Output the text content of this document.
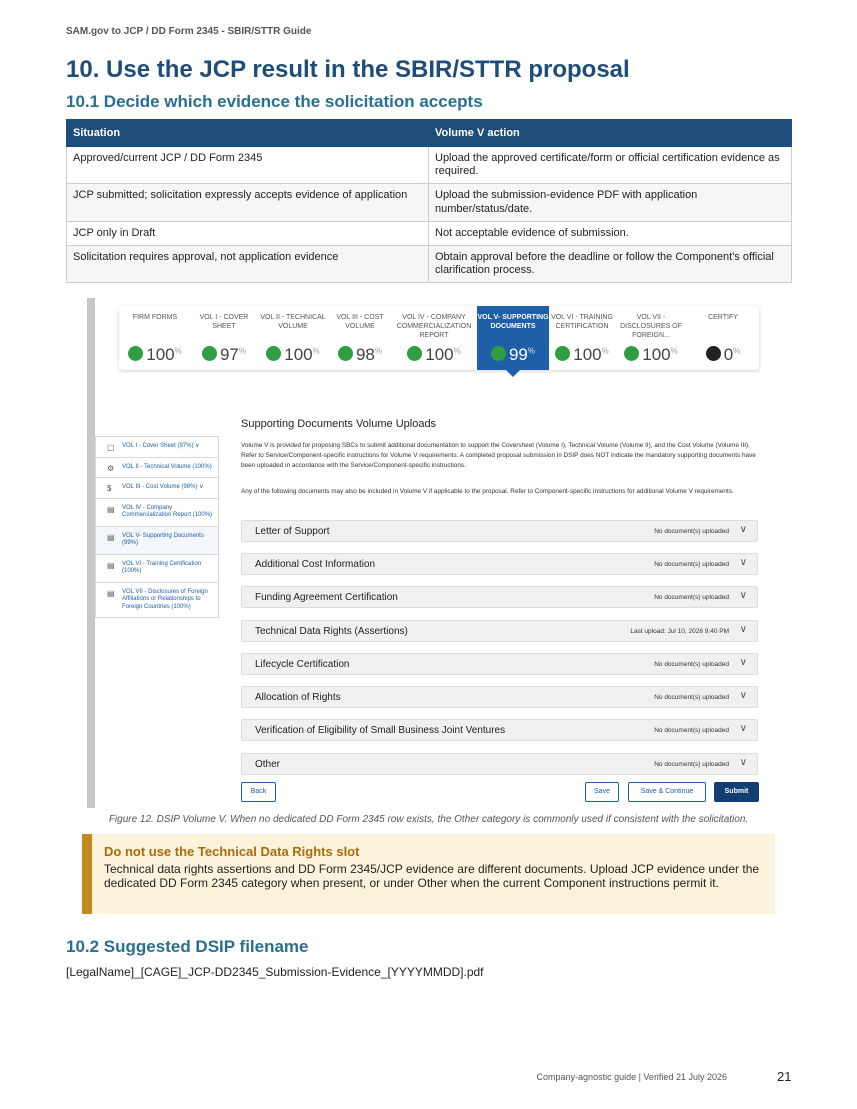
SAM.gov to JCP / DD Form 2345 - SBIR/STTR Guide
10. Use the JCP result in the SBIR/STTR proposal
10.1 Decide which evidence the solicitation accepts
Situation	Volume V action
Approved/current JCP / DD Form 2345	Upload the approved certificate/form or official certification evidence as required.
JCP submitted; solicitation expressly accepts evidence of application	Upload the submission-evidence PDF with application number/status/date.
JCP only in Draft	Not acceptable evidence of submission.
Solicitation requires approval, not application evidence	Obtain approval before the deadline or follow the Component's official clarification process.
FIRM FORMS
100%
VOL I - COVER SHEET
97%
VOL II - TECHNICAL VOLUME
100%
VOL III - COST VOLUME
98%
VOL IV - COMPANY COMMERCIALIZATION REPORT
100%
VOL V- SUPPORTING DOCUMENTS
99%
VOL VI - TRAINING CERTIFICATION
100%
VOL VII - DISCLOSURES OF FOREIGN...
100%
CERTIFY
0%
▢ VOL I - Cover Sheet (97%) ∨
⚙ VOL II - Technical Volume (100%)
$ VOL III - Cost Volume (98%) ∨
▤ VOL IV - Company Commercialization Report (100%)
▤ VOL V- Supporting Documents (99%)
▤ VOL VI - Training Certification (100%)
▤ VOL VII - Disclosures of Foreign Affiliations or Relationships to Foreign Countries (100%)
Supporting Documents Volume Uploads
Volume V is provided for proposing SBCs to submit additional documentation to support the Coversheet (Volume I), Technical Volume (Volume II), and the Cost Volume (Volume III). Refer to Service/Component-specific instructions for Volume V requirements. A completed proposal submission in DSIP does NOT indicate the mandatory supporting documents have been uploaded in accordance with the Service/Component-specific instructions.
Any of the following documents may also be included in Volume V if applicable to the proposal. Refer to Component-specific instructions for additional Volume V requirements.
Letter of Support	No document(s) uploaded ∨
Additional Cost Information	No document(s) uploaded ∨
Funding Agreement Certification	No document(s) uploaded ∨
Technical Data Rights (Assertions)	Last upload: Jul 10, 2026 9:40 PM ∨
Lifecycle Certification	No document(s) uploaded ∨
Allocation of Rights	No document(s) uploaded ∨
Verification of Eligibility of Small Business Joint Ventures	No document(s) uploaded ∨
Other	No document(s) uploaded ∨
Back	Save	Save & Continue	Submit
Figure 12. DSIP Volume V. When no dedicated DD Form 2345 row exists, the Other category is commonly used if consistent with the solicitation.
Do not use the Technical Data Rights slot
Technical data rights assertions and DD Form 2345/JCP evidence are different documents. Upload JCP evidence under the dedicated DD Form 2345 category when present, or under Other when the current Component instructions permit it.
10.2 Suggested DSIP filename
[LegalName]_[CAGE]_JCP-DD2345_Submission-Evidence_[YYYYMMDD].pdf
Company-agnostic guide | Verified 21 July 2026	21
